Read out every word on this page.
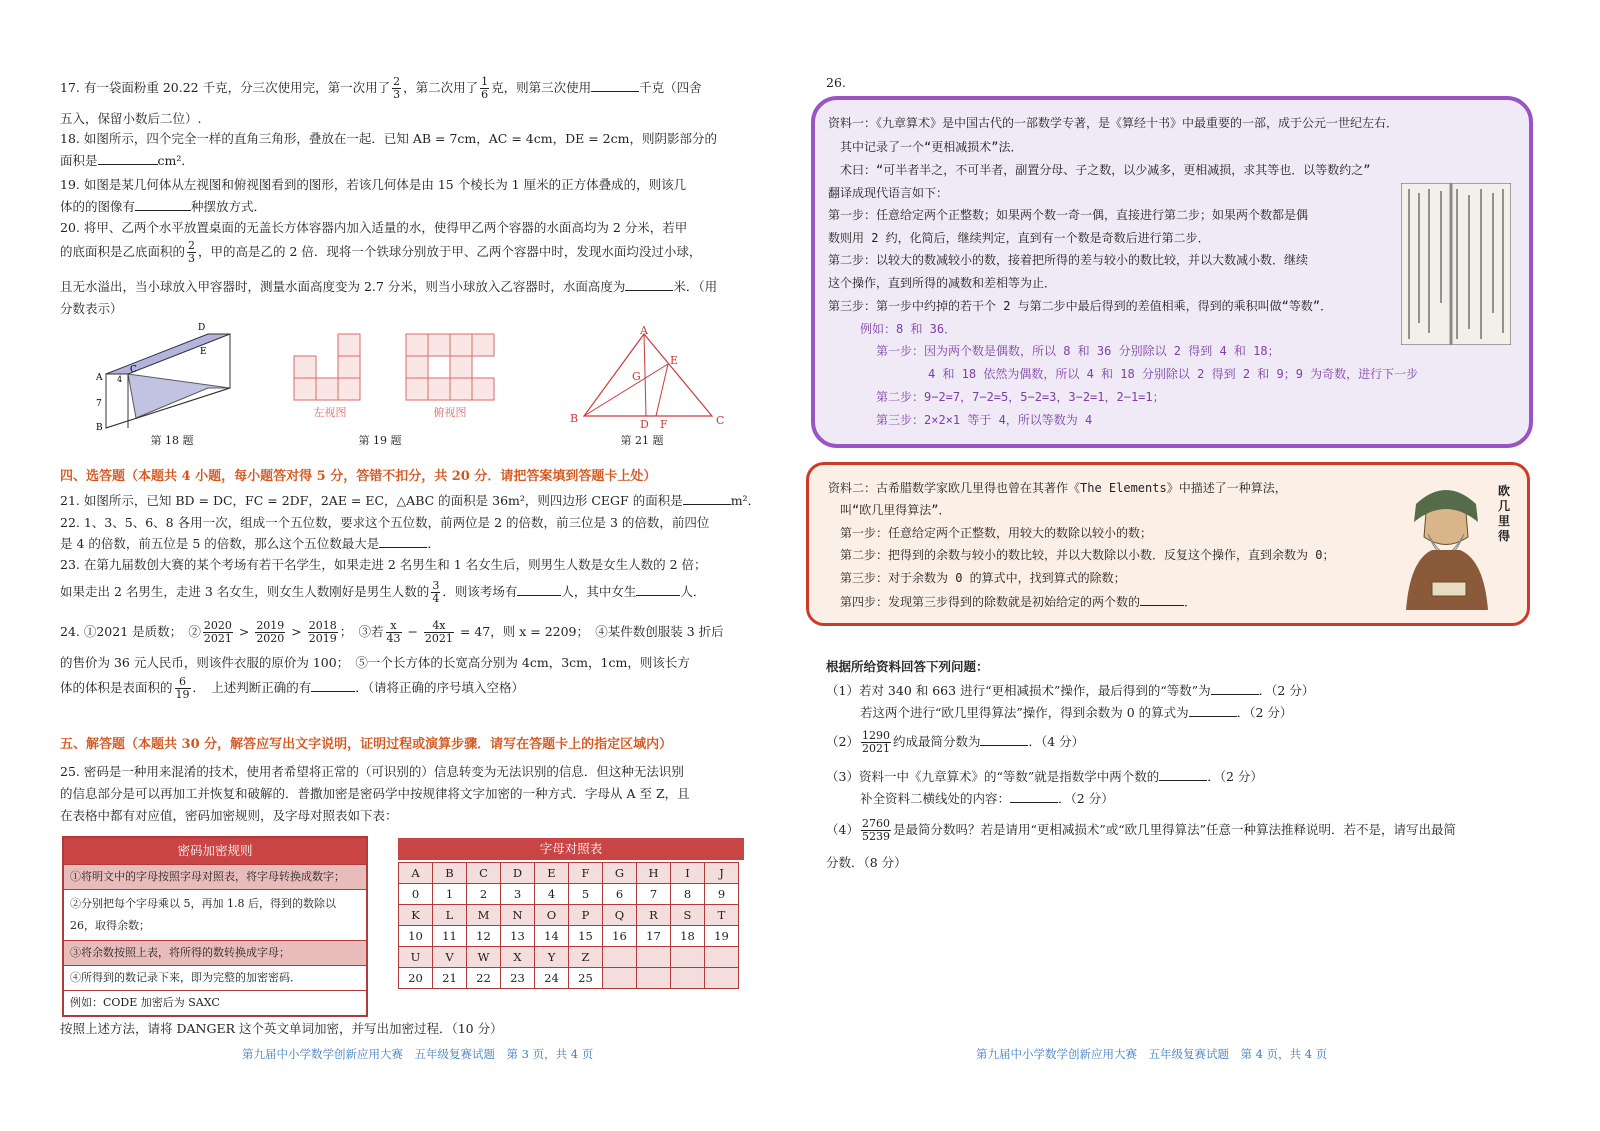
17. 有一袋面粉重 20.22 千克，分三次使用完，第一次用了 $\frac{2}{3}$ ，第二次用了 $\frac{1}{6}$ 克，则第三次使用	千克（四舍
五入，保留小数后二位）.
18. 如图所示，四个完全一样的直角三角形，叠放在一起．已知 AB = 7cm，AC = 4cm，DE = 2cm，则阴影部分的
面积是	cm²．
19. 如图是某几何体从左视图和俯视图看到的图形，若该几何体是由 15 个棱长为 1 厘米的正方体叠成的，则该几
体的的图像有	种摆放方式．
20. 将甲、乙两个水平放置桌面的无盖长方体容器内加入适量的水，使得甲乙两个容器的水面高均为 2 分米，若甲
的底面积是乙底面积的 $\frac{2}{3}$ ，甲的高是乙的 2 倍．现将一个铁球分别放于甲、乙两个容器中时，发现水面均没过小球，
且无水溢出，当小球放入甲容器时，测量水面高度变为 2.7 分米，则当小球放入乙容器时，水面高度为	米．（用
分数表示）
D
E
A
B
C
7
4
第 18 题
左视图	俯视图
第 19 题
A
B	C
D
E
F
G
第 21 题
四、选答题（本题共 4 小题，每小题答对得 5 分，答错不扣分，共 20 分．请把答案填到答题卡上处）
21. 如图所示，已知 BD = DC，FC = 2DF，2AE = EC，△ABC 的面积是 36m²，则四边形 CEGF 的面积是	m²．
22. 1、3、5、6、8 各用一次，组成一个五位数，要求这个五位数，前两位是 2 的倍数，前三位是 3 的倍数，前四位
是 4 的倍数，前五位是 5 的倍数，那么这个五位数最大是	．
23. 在第九届数创大赛的某个考场有若干名学生，如果走进 2 名男生和 1 名女生后，则男生人数是女生人数的 2 倍；
如果走出 2 名男生，走进 3 名女生，则女生人数刚好是男生人数的 $\frac{3}{4}$ ．则该考场有	人，其中女生	人．
24. ①2021 是质数；　② $\frac{2020}{2021} > \frac{2019}{2020} > \frac{2018}{2019}$ ；　③若 $\frac{x}{43} - \frac{4x}{2021} = 47$，则 x = 2209；　④某件数创服装 3 折后
的售价为 36 元人民币，则该件衣服的原价为 100；　⑤一个长方体的长宽高分别为 4cm，3cm，1cm，则该长方
体的体积是表面积的 $\frac{6}{19}$ ．　上述判断正确的有	．（请将正确的序号填入空格）
五、解答题（本题共 30 分，解答应写出文字说明，证明过程或演算步骤．请写在答题卡上的指定区域内）
25. 密码是一种用来混淆的技术，使用者希望将正常的（可识别的）信息转变为无法识别的信息．但这种无法识别
的信息部分是可以再加工并恢复和破解的．普撒加密是密码学中按规律将文字加密的一种方式．字母从 A 至 Z，且
在表格中都有对应值，密码加密规则，及字母对照表如下表：
密码加密规则
①将明文中的字母按照字母对照表，将字母转换成数字；
②分别把每个字母乘以 5，再加 1.8 后，得到的数除以
26，取得余数；
③将余数按照上表，将所得的数转换成字母；
④所得到的数记录下来，即为完整的加密密码．
例如：CODE 加密后为 SAXC
字母对照表
A	B	C	D	E	F	G	H	I	J
0	1	2	3	4	5	6	7	8	9
K	L	M	N	O	P	Q	R	S	T
10	11	12	13	14	15	16	17	18	19
U	V	W	X	Y	Z				
20	21	22	23	24	25				
按照上述方法，请将 DANGER 这个英文单词加密，并写出加密过程．（10 分）
第九届中小学数学创新应用大赛　五年级复赛试题　第 3 页，共 4 页
26.
资料一：《九章算术》是中国古代的一部数学专著，是《算经十书》中最重要的一部，成于公元一世纪左右．
其中记录了一个“更相减损术”法．
术曰：“可半者半之，不可半者，副置分母、子之数，以少减多，更相减损，求其等也．以等数约之”
翻译成现代语言如下：
第一步：任意给定两个正整数；如果两个数一奇一偶，直接进行第二步；如果两个数都是偶
数则用 2 约，化简后，继续判定，直到有一个数是奇数后进行第二步．
第二步：以较大的数减较小的数，接着把所得的差与较小的数比较，并以大数减小数．继续
这个操作，直到所得的减数和差相等为止．
第三步：第一步中约掉的若干个 2 与第二步中最后得到的差值相乘，得到的乘积叫做“等数”．
例如：8 和 36．
第一步：因为两个数是偶数，所以 8 和 36 分别除以 2 得到 4 和 18；
4 和 18 依然为偶数，所以 4 和 18 分别除以 2 得到 2 和 9；9 为奇数，进行下一步
第二步：9−2=7，7−2=5，5−2=3，3−2=1，2−1=1；
第三步：2×2×1 等于 4，所以等数为 4
资料二：古希腊数学家欧几里得也曾在其著作《The Elements》中描述了一种算法，
叫“欧几里得算法”．
第一步：任意给定两个正整数，用较大的数除以较小的数；
第二步：把得到的余数与较小的数比较，并以大数除以小数．反复这个操作，直到余数为 0；
第三步：对于余数为 0 的算式中，找到算式的除数；
第四步：发现第三步得到的除数就是初始给定的两个数的	．
欧几里得
根据所给资料回答下列问题：
（1）若对 340 和 663 进行“更相减损术”操作，最后得到的“等数”为	．（2 分）
若这两个进行“欧几里得算法”操作，得到余数为 0 的算式为	．（2 分）
$(2) \frac{1290}{2021}$ 约成最简分数为	．（4 分）
（3）资料一中《九章算术》的“等数”就是指数学中两个数的	．（2 分）
补全资料二横线处的内容：	．（2 分）
$(4) \frac{2760}{5239}$ 是最简分数吗？若是请用“更相减损术”或“欧几里得算法”任意一种算法推释说明．若不是，请写出最简
分数．（8 分）
第九届中小学数学创新应用大赛　五年级复赛试题　第 4 页，共 4 页
